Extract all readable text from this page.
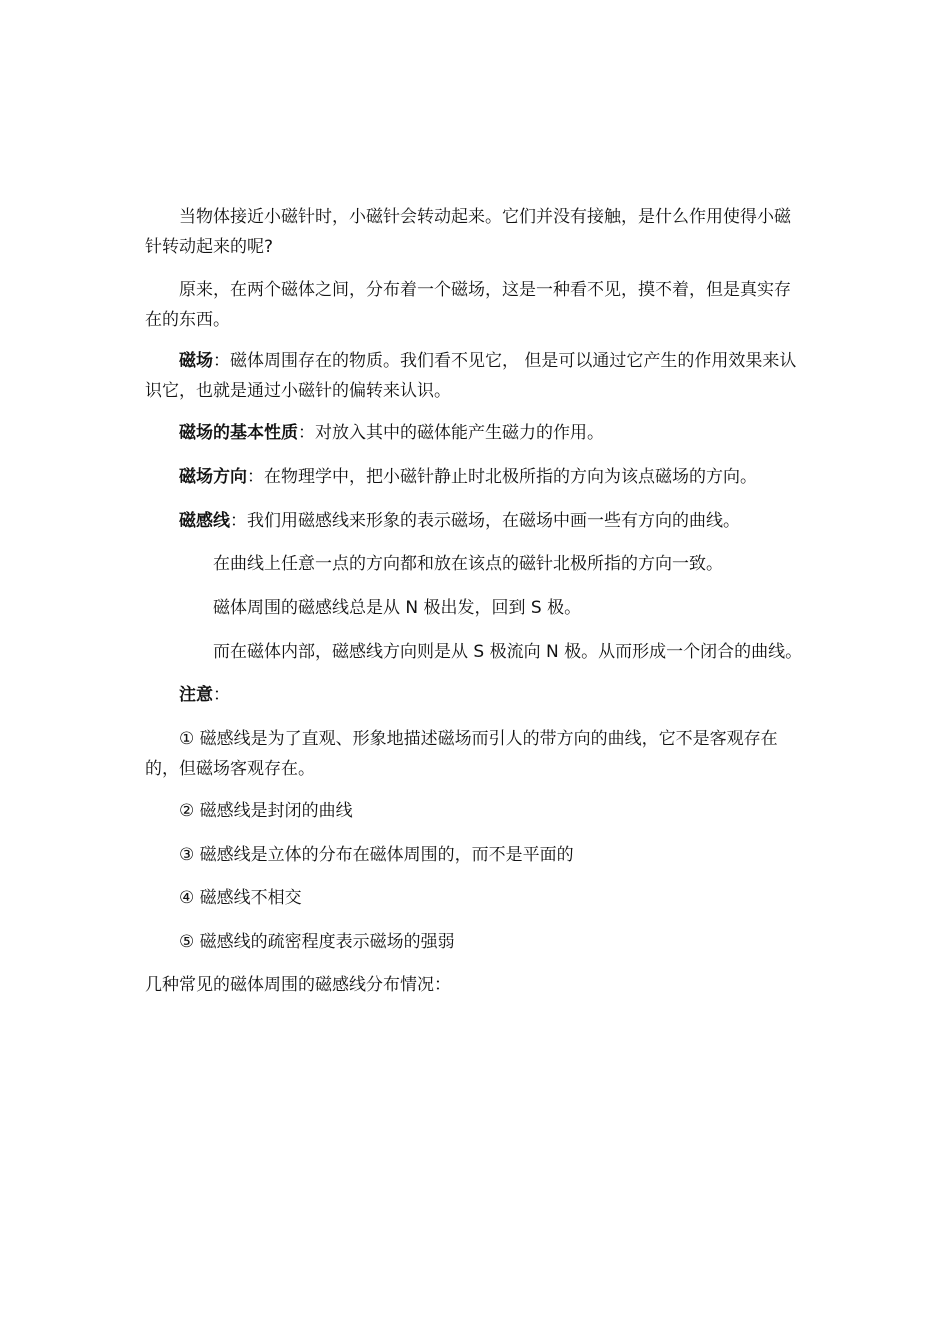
当物体接近小磁针时，小磁针会转动起来。它们并没有接触，是什么作用使得小磁针转动起来的呢?

原来，在两个磁体之间，分布着一个磁场，这是一种看不见，摸不着，但是真实存在的东西。

磁场：磁体周围存在的物质。我们看不见它， 但是可以通过它产生的作用效果来认识它，也就是通过小磁针的偏转来认识。

磁场的基本性质：对放入其中的磁体能产生磁力的作用。

磁场方向：在物理学中，把小磁针静止时北极所指的方向为该点磁场的方向。

磁感线：我们用磁感线来形象的表示磁场，在磁场中画一些有方向的曲线。

在曲线上任意一点的方向都和放在该点的磁针北极所指的方向一致。

磁体周围的磁感线总是从 N 极出发，回到 S 极。

而在磁体内部，磁感线方向则是从 S 极流向 N 极。从而形成一个闭合的曲线。

注意：

① 磁感线是为了直观、形象地描述磁场而引人的带方向的曲线，它不是客观存在的，但磁场客观存在。

② 磁感线是封闭的曲线

③ 磁感线是立体的分布在磁体周围的，而不是平面的

④ 磁感线不相交

⑤ 磁感线的疏密程度表示磁场的强弱

几种常见的磁体周围的磁感线分布情况：
